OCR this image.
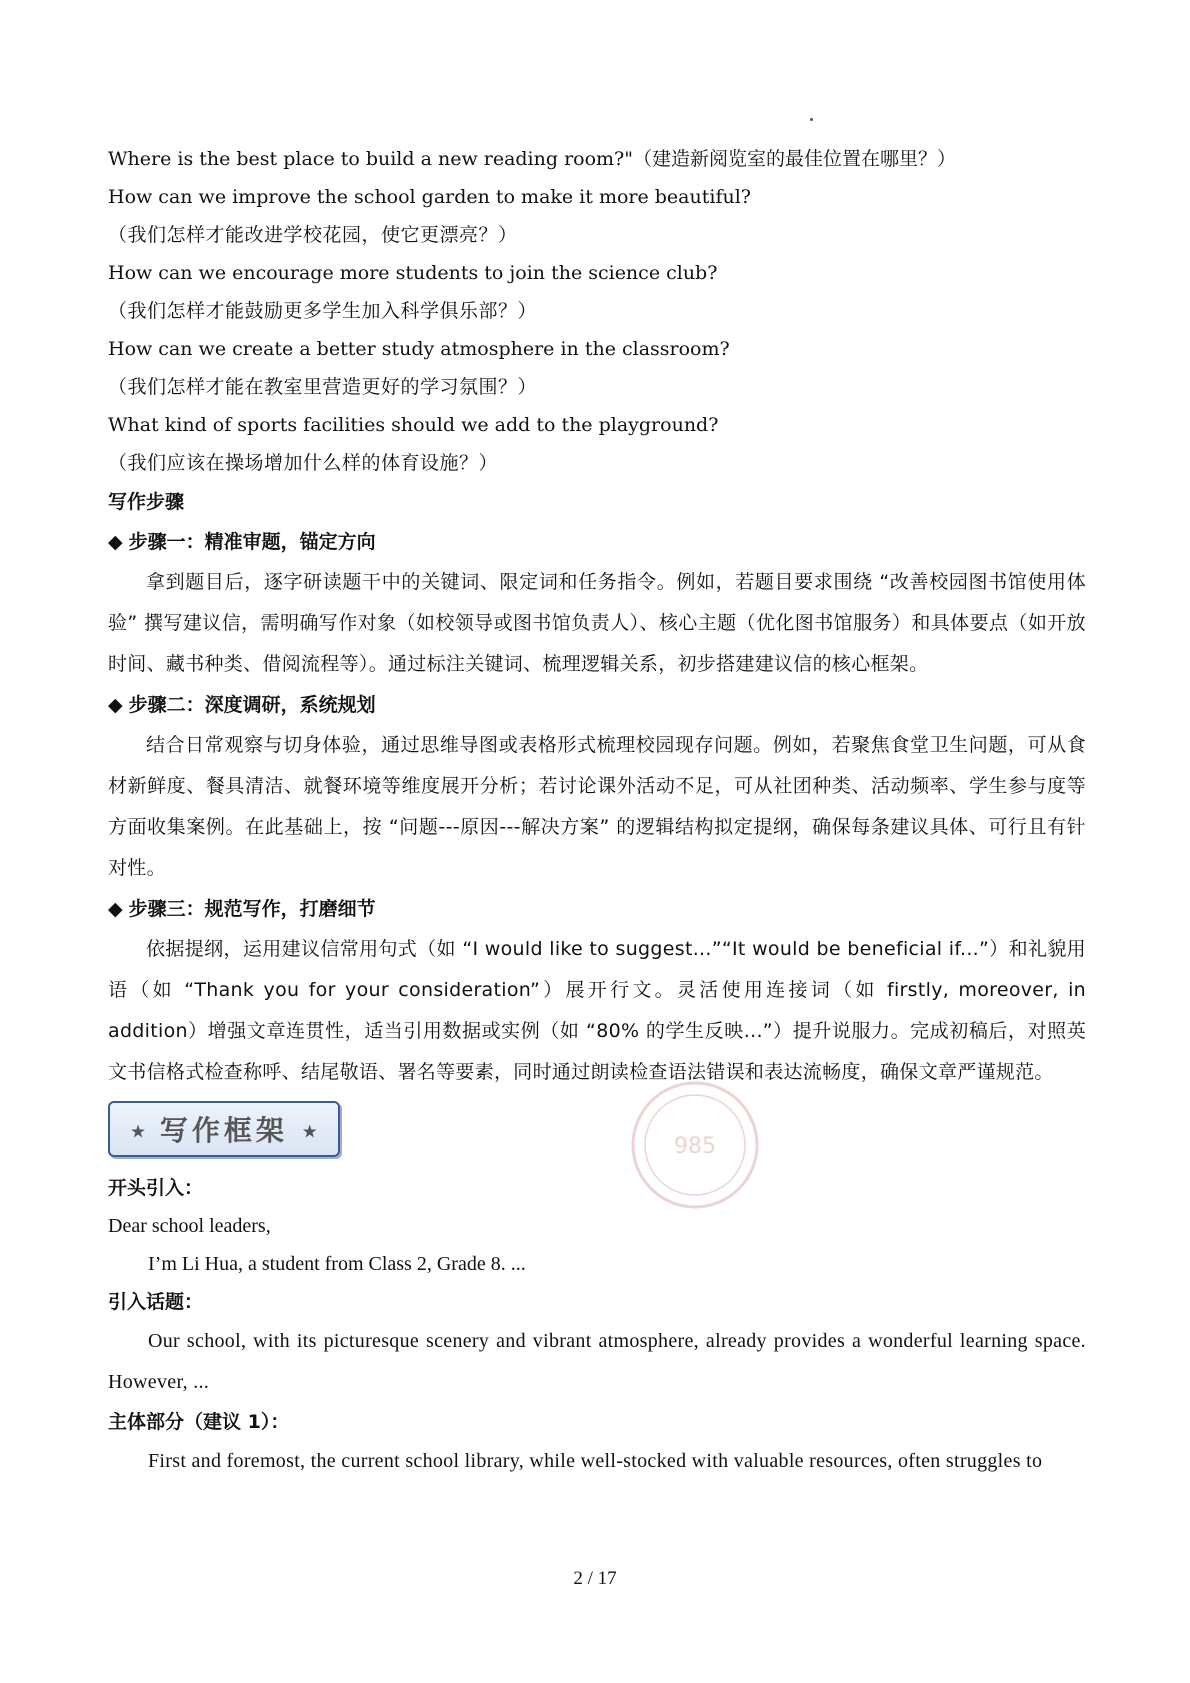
Where is the best place to build a new reading room?"（建造新阅览室的最佳位置在哪里？）

How can we improve the school garden to make it more beautiful?

（我们怎样才能改进学校花园，使它更漂亮？）

How can we encourage more students to join the science club?

（我们怎样才能鼓励更多学生加入科学俱乐部？）

How can we create a better study atmosphere in the classroom?

（我们怎样才能在教室里营造更好的学习氛围？）

What kind of sports facilities should we add to the playground?

（我们应该在操场增加什么样的体育设施？）

写作步骤

◆ 步骤一：精准审题，锚定方向

拿到题目后，逐字研读题干中的关键词、限定词和任务指令。例如，若题目要求围绕 “改善校园图书馆使用体验” 撰写建议信，需明确写作对象（如校领导或图书馆负责人）、核心主题（优化图书馆服务）和具体要点（如开放时间、藏书种类、借阅流程等）。通过标注关键词、梳理逻辑关系，初步搭建建议信的核心框架。

◆ 步骤二：深度调研，系统规划

结合日常观察与切身体验，通过思维导图或表格形式梳理校园现存问题。例如，若聚焦食堂卫生问题，可从食材新鲜度、餐具清洁、就餐环境等维度展开分析；若讨论课外活动不足，可从社团种类、活动频率、学生参与度等方面收集案例。在此基础上，按 “问题---原因---解决方案” 的逻辑结构拟定提纲，确保每条建议具体、可行且有针对性。

◆ 步骤三：规范写作，打磨细节

依据提纲，运用建议信常用句式（如 “I would like to suggest...”“It would be beneficial if...”）和礼貌用语（如 “Thank you for your consideration”）展开行文。灵活使用连接词（如 firstly, moreover, in addition）增强文章连贯性，适当引用数据或实例（如 “80% 的学生反映...”）提升说服力。完成初稿后，对照英文书信格式检查称呼、结尾敬语、署名等要素，同时通过朗读检查语法错误和表达流畅度，确保文章严谨规范。

★ 写作框架 ★

开头引入：

Dear school leaders,

I’m Li Hua, a student from Class 2, Grade 8. ...

引入话题：

Our school, with its picturesque scenery and vibrant atmosphere, already provides a wonderful learning space. However, ...

主体部分（建议 1）：

First and foremost, the current school library, while well-stocked with valuable resources, often struggles to

985
2 / 17
